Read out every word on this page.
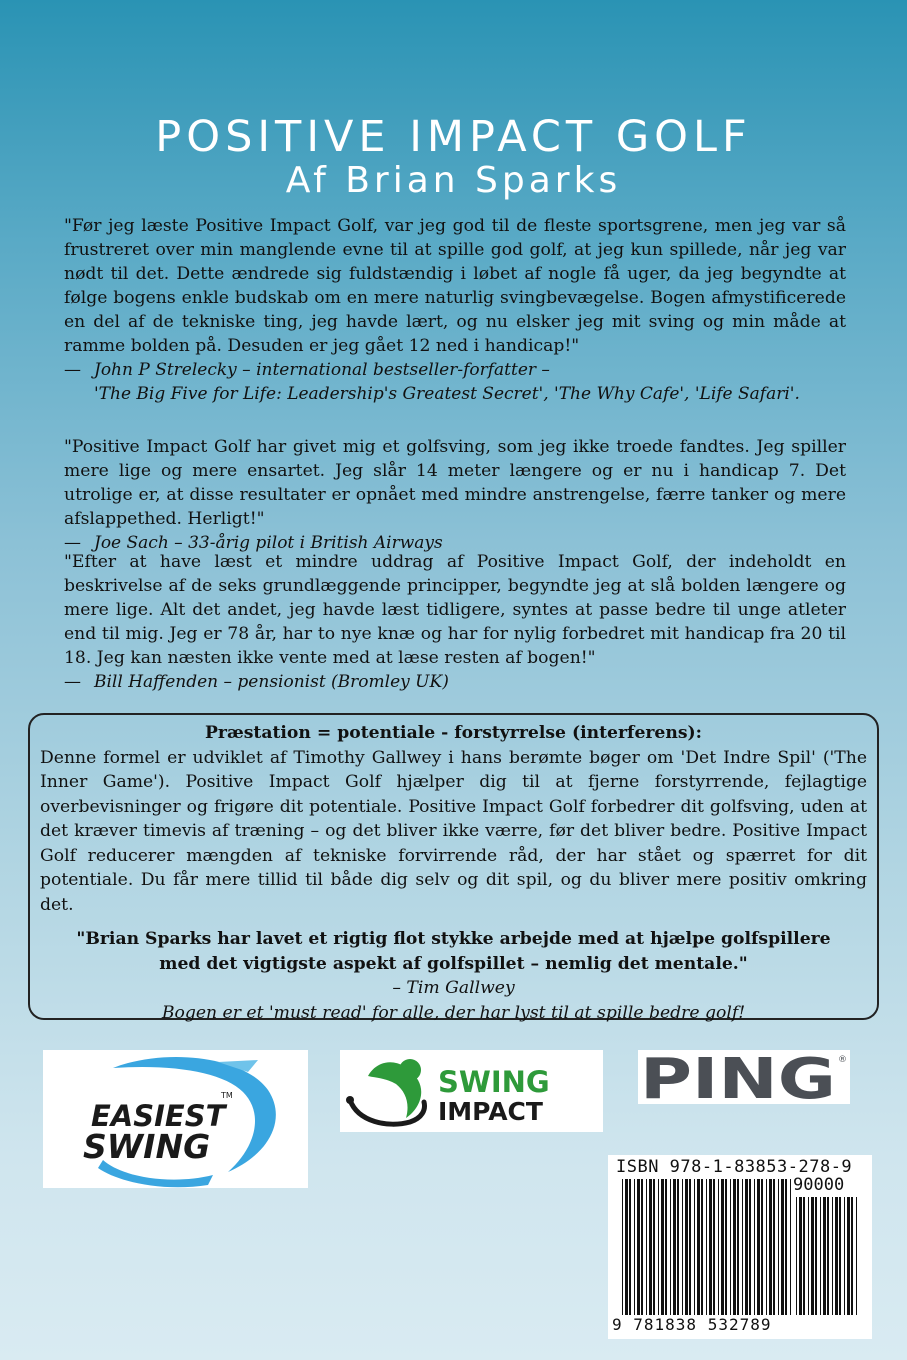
POSITIVE IMPACT GOLF
Af Brian Sparks
"Før jeg læste Positive Impact Golf, var jeg god til de fleste sportsgrene, men jeg var så frustreret over min manglende evne til at spille god golf, at jeg kun spillede, når jeg var nødt til det. Dette ændrede sig fuldstændig i løbet af nogle få uger, da jeg begyndte at følge bogens enkle budskab om en mere naturlig svingbevægelse. Bogen afmystificerede en del af de tekniske ting, jeg havde lært, og nu elsker jeg mit sving og min måde at ramme bolden på. Desuden er jeg gået 12 ned i handicap!"
— John P Strelecky – international bestseller-forfatter –
'The Big Five for Life: Leadership's Greatest Secret', 'The Why Cafe', 'Life Safari'.
"Positive Impact Golf har givet mig et golfsving, som jeg ikke troede fandtes. Jeg spiller mere lige og mere ensartet. Jeg slår 14 meter længere og er nu i handicap 7. Det utrolige er, at disse resultater er opnået med mindre anstrengelse, færre tanker og mere afslappethed. Herligt!"
— Joe Sach – 33-årig pilot i British Airways
"Efter at have læst et mindre uddrag af Positive Impact Golf, der indeholdt en beskrivelse af de seks grundlæggende principper, begyndte jeg at slå bolden længere og mere lige. Alt det andet, jeg havde læst tidligere, syntes at passe bedre til unge atleter end til mig. Jeg er 78 år, har to nye knæ og har for nylig forbedret mit handicap fra 20 til 18. Jeg kan næsten ikke vente med at læse resten af bogen!"
— Bill Haffenden – pensionist (Bromley UK)
Præstation = potentiale - forstyrrelse (interferens):
Denne formel er udviklet af Timothy Gallwey i hans berømte bøger om 'Det Indre Spil' ('The Inner Game'). Positive Impact Golf hjælper dig til at fjerne forstyrrende, fejlagtige overbevisninger og frigøre dit potentiale. Positive Impact Golf forbedrer dit golfsving, uden at det kræver timevis af træning – og det bliver ikke værre, før det bliver bedre. Positive Impact Golf reducerer mængden af tekniske forvirrende råd, der har stået og spærret for dit potentiale. Du får mere tillid til både dig selv og dit spil, og du bliver mere positiv omkring det.
"Brian Sparks har lavet et rigtig flot stykke arbejde med at hjælpe golfspillere
med det vigtigste aspekt af golfspillet – nemlig det mentale."
– Tim Gallwey
Bogen er et 'must read' for alle, der har lyst til at spille bedre golf!
EASIEST
SWING
TM	SWING
IMPACT PING ®
ISBN 978-1-83853-278-9
90000
9 781838 532789
